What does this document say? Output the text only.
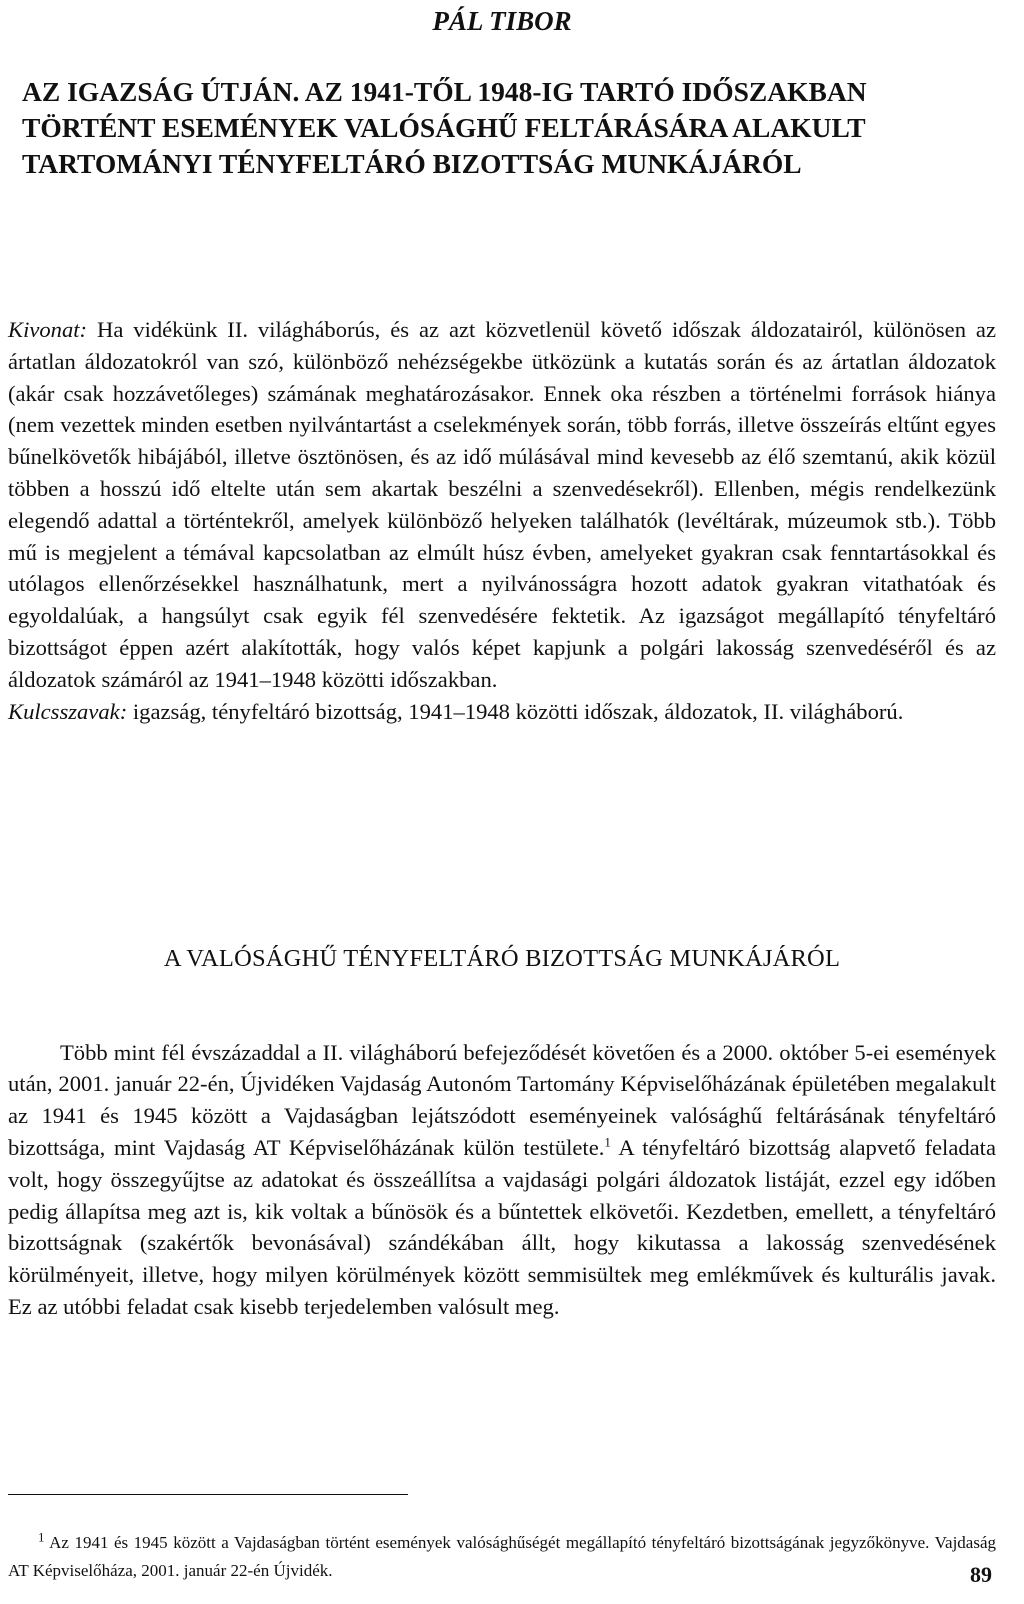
PÁL TIBOR
AZ IGAZSÁG ÚTJÁN. AZ 1941-TŐL 1948-IG TARTÓ IDŐSZAKBAN TÖRTÉNT ESEMÉNYEK VALÓSÁGHŰ FELTÁRÁSÁRA ALAKULT TARTOMÁNYI TÉNYFELTÁRÓ BIZOTTSÁG MUNKÁJÁRÓL

Kivonat: Ha vidékünk II. világháborús, és az azt közvetlenül követő időszak áldozatairól, különösen az ártatlan áldozatokról van szó, különböző nehézségekbe ütközünk a kutatás során és az ártatlan áldozatok (akár csak hozzávetőleges) számának meghatározásakor. Ennek oka részben a történelmi források hiánya (nem vezettek minden esetben nyilvántartást a cselekmények során, több forrás, illetve összeírás eltűnt egyes bűnelkövetők hibájából, illetve ösztönösen, és az idő múlásával mind kevesebb az élő szemtanú, akik közül többen a hosszú idő eltelte után sem akartak beszélni a szenvedésekről). Ellenben, mégis rendelkezünk elegendő adattal a történtekről, amelyek különböző helyeken találhatók (levéltárak, múzeumok stb.). Több mű is megjelent a témával kapcsolatban az elmúlt húsz évben, amelyeket gyakran csak fenntartásokkal és utólagos ellenőrzésekkel használhatunk, mert a nyilvánosságra hozott adatok gyakran vitathatóak és egyoldalúak, a hangsúlyt csak egyik fél szenvedésére fektetik. Az igazságot megállapító tényfeltáró bizottságot éppen azért alakították, hogy valós képet kapjunk a polgári lakosság szenvedéséről és az áldozatok számáról az 1941–1948 közötti időszakban.

Kulcsszavak: igazság, tényfeltáró bizottság, 1941–1948 közötti időszak, áldozatok, II. világháború.

A VALÓSÁGHŰ TÉNYFELTÁRÓ BIZOTTSÁG MUNKÁJÁRÓL

Több mint fél évszázaddal a II. világháború befejeződését követően és a 2000. október 5-ei események után, 2001. január 22-én, Újvidéken Vajdaság Autonóm Tartomány Képviselőházának épületében megalakult az 1941 és 1945 között a Vajdaságban lejátszódott eseményeinek valósághű feltárásának tényfeltáró bizottsága, mint Vajdaság AT Képviselőházának külön testülete.$^1$ A tényfeltáró bizottság alapvető feladata volt, hogy összegyűjtse az adatokat és összeállítsa a vajdasági polgári áldozatok listáját, ezzel egy időben pedig állapítsa meg azt is, kik voltak a bűnösök és a bűntettek elkövetői. Kezdetben, emellett, a tényfeltáró bizottságnak (szakértők bevonásával) szándékában állt, hogy kikutassa a lakosság szenvedésének körülményeit, illetve, hogy milyen körülmények között semmisültek meg emlékművek és kulturális javak. Ez az utóbbi feladat csak kisebb terjedelemben valósult meg.

$^1$ Az 1941 és 1945 között a Vajdaságban történt események valósághűségét megállapító tényfeltáró bizottságának jegyzőkönyve. Vajdaság AT Képviselőháza, 2001. január 22-én Újvidék.	89
